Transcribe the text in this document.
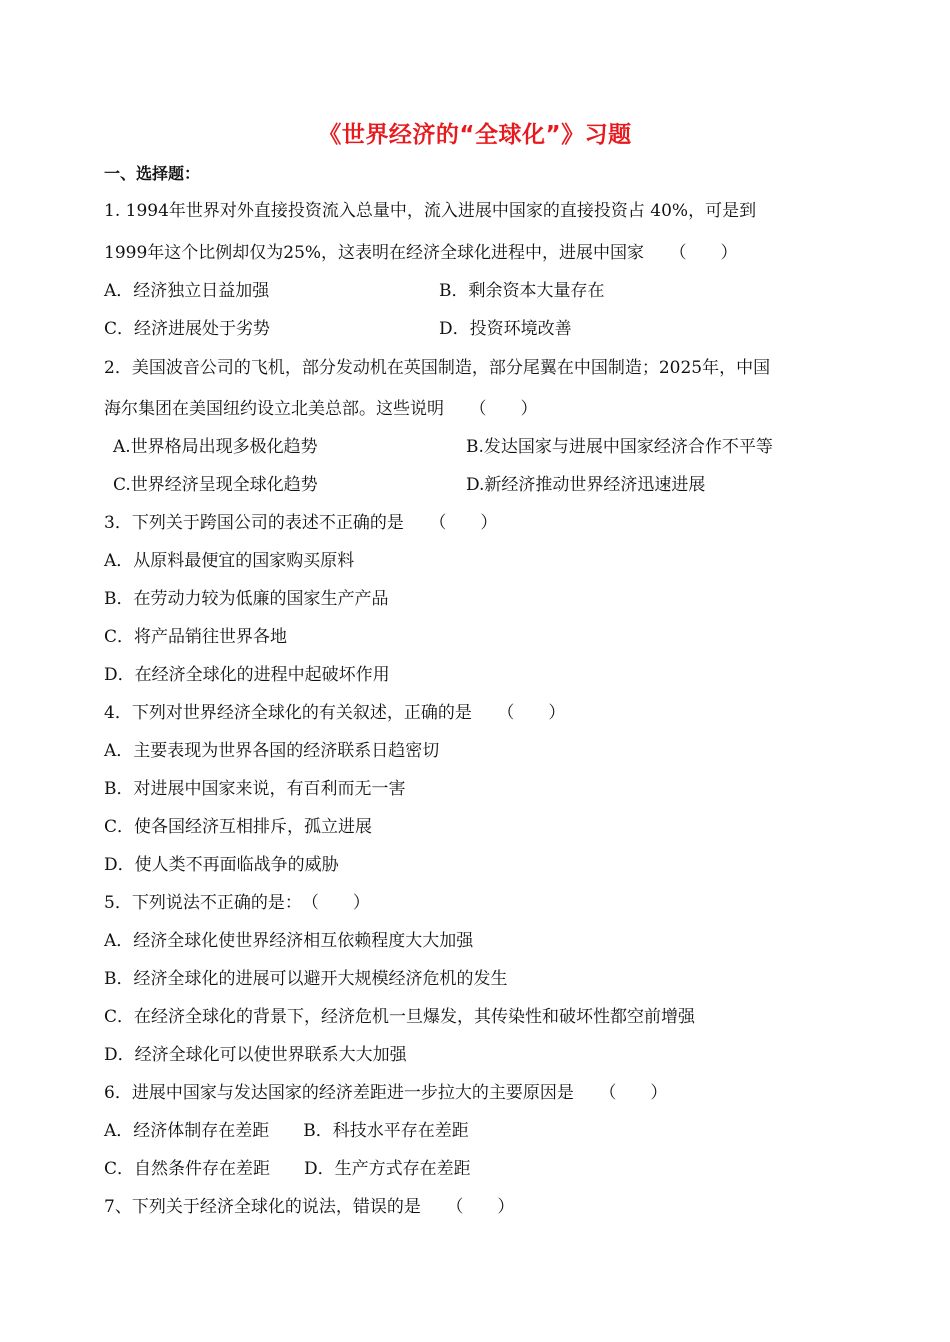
《世界经济的“全球化”》习题
一、选择题：
1. 1994年世界对外直接投资流入总量中，流入进展中国家的直接投资占 40%，可是到
1999年这个比例却仅为25%，这表明在经济全球化进程中，进展中国家　　（　　）
A．经济独立日益加强	B．剩余资本大量存在
C．经济进展处于劣势	D．投资环境改善
2．美国波音公司的飞机，部分发动机在英国制造，部分尾翼在中国制造；2025年，中国
海尔集团在美国纽约设立北美总部。这些说明　　（　　）
A.世界格局出现多极化趋势	B.发达国家与进展中国家经济合作不平等
C.世界经济呈现全球化趋势	D.新经济推动世界经济迅速进展
3．下列关于跨国公司的表述不正确的是　　（　　）
A．从原料最便宜的国家购买原料
B．在劳动力较为低廉的国家生产产品
C．将产品销往世界各地
D．在经济全球化的进程中起破坏作用
4．下列对世界经济全球化的有关叙述，正确的是　　（　　）
A．主要表现为世界各国的经济联系日趋密切
B．对进展中国家来说，有百利而无一害
C．使各国经济互相排斥，孤立进展
D．使人类不再面临战争的威胁
5．下列说法不正确的是：　（　　）
A．经济全球化使世界经济相互依赖程度大大加强
B．经济全球化的进展可以避开大规模经济危机的发生
C．在经济全球化的背景下，经济危机一旦爆发，其传染性和破坏性都空前增强
D．经济全球化可以使世界联系大大加强
6．进展中国家与发达国家的经济差距进一步拉大的主要原因是　　（　　）
A．经济体制存在差距　　B．科技水平存在差距
C．自然条件存在差距　　D．生产方式存在差距
7、下列关于经济全球化的说法，错误的是　　（　　）
